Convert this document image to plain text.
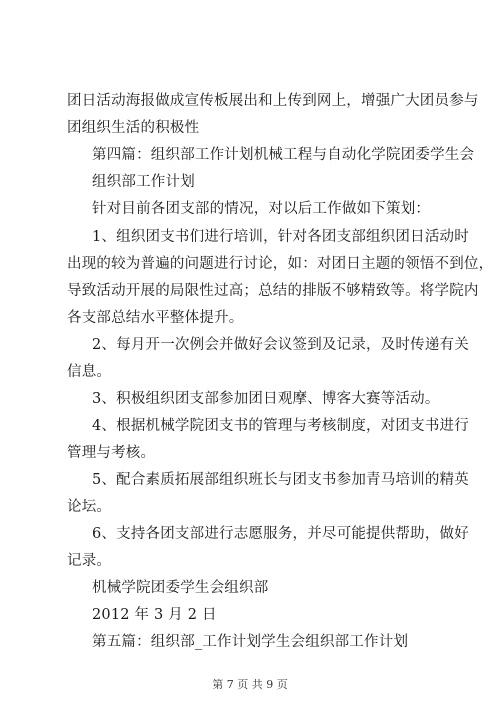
团日活动海报做成宣传板展出和上传到网上，增强广大团员参与
团组织生活的积极性
第四篇：组织部工作计划机械工程与自动化学院团委学生会
组织部工作计划
针对目前各团支部的情况，对以后工作做如下策划：
1、组织团支书们进行培训，针对各团支部组织团日活动时
出现的较为普遍的问题进行讨论，如：对团日主题的领悟不到位，
导致活动开展的局限性过高；总结的排版不够精致等。将学院内
各支部总结水平整体提升。
2、每月开一次例会并做好会议签到及记录，及时传递有关
信息。
3、积极组织团支部参加团日观摩、博客大赛等活动。
4、根据机械学院团支书的管理与考核制度，对团支书进行
管理与考核。
5、配合素质拓展部组织班长与团支书参加青马培训的精英
论坛。
6、支持各团支部进行志愿服务，并尽可能提供帮助，做好
记录。
机械学院团委学生会组织部
2012 年 3 月 2 日
第五篇：组织部_工作计划学生会组织部工作计划
第 7 页 共 9 页
